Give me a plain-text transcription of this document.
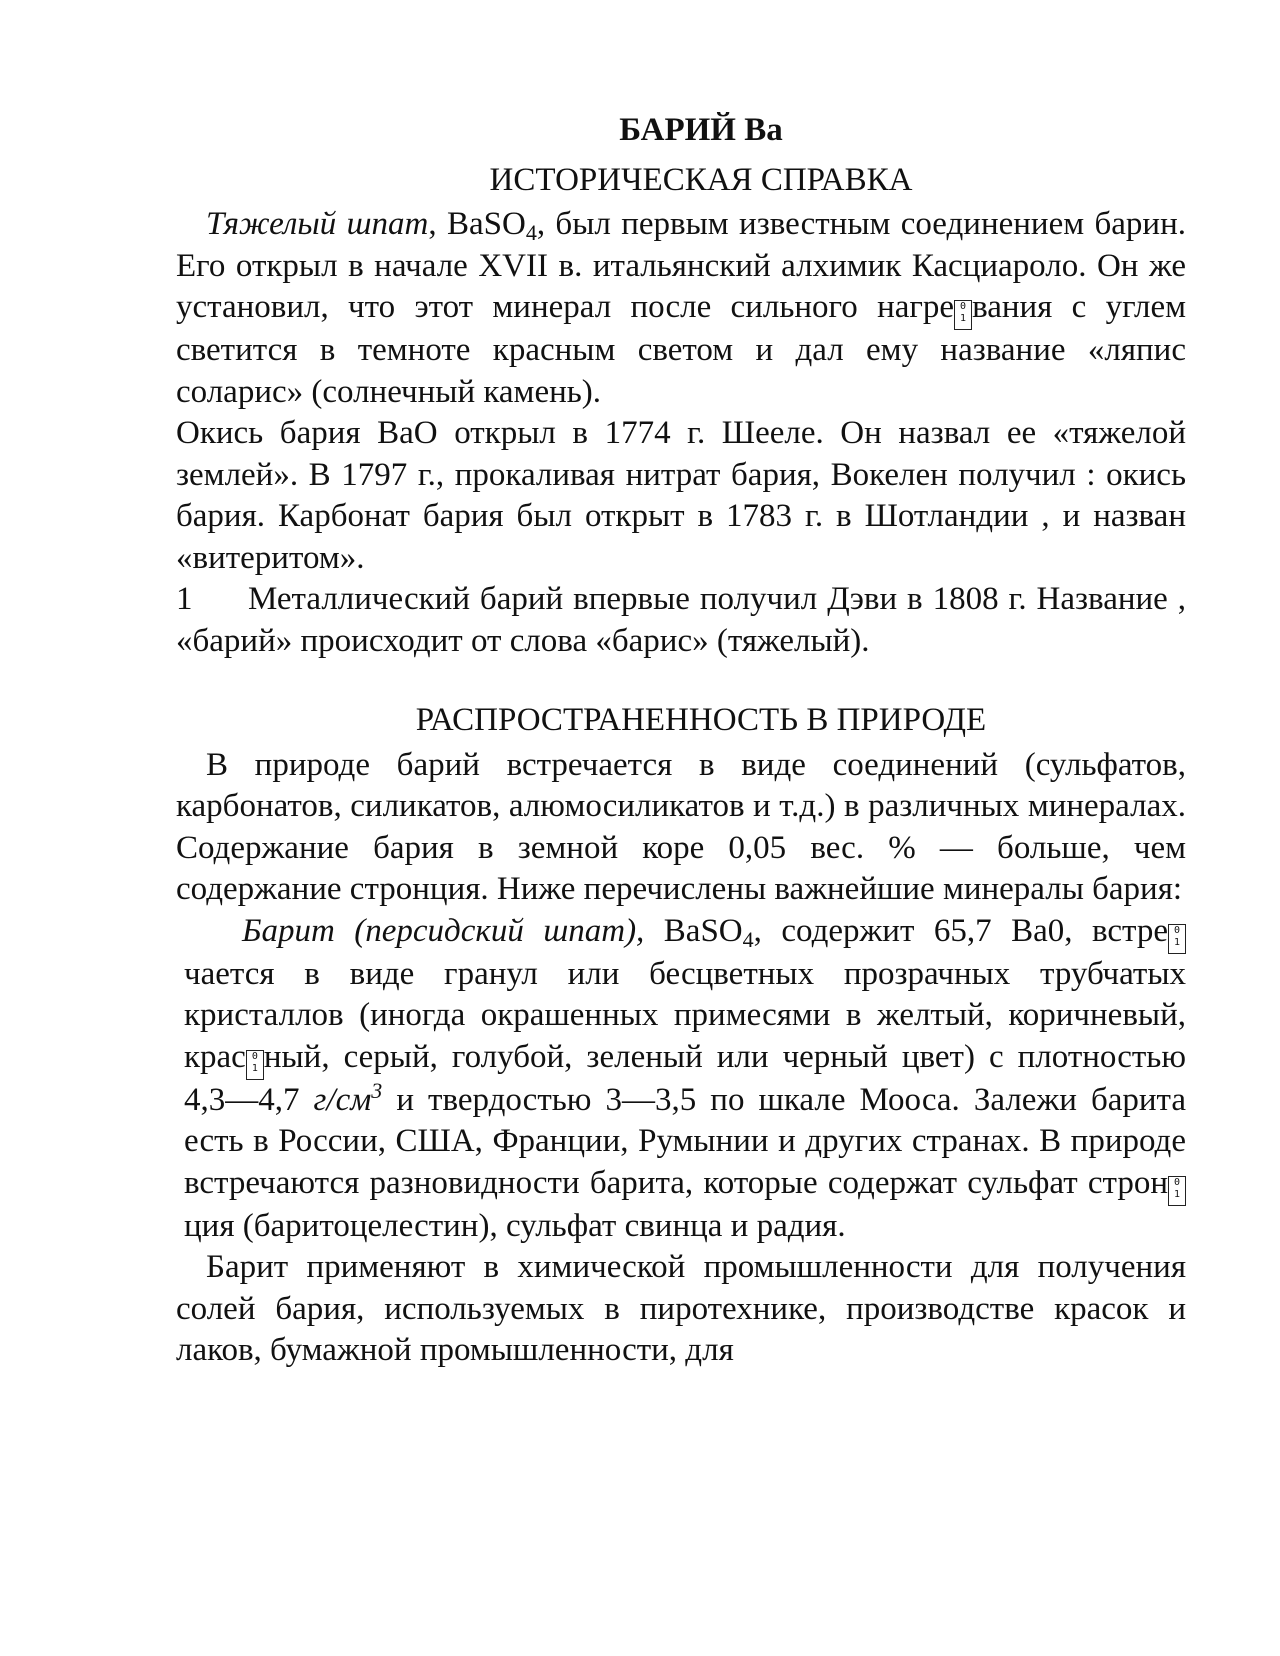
БАРИЙ Ва
ИСТОРИЧЕСКАЯ СПРАВКА

Тяжелый шпат, BaSO$_4$, был первым известным соединением барин. Его открыл в начале XVII в. итальянский алхимик Касциароло. Он же установил, что этот минерал после сильного нагре 0 1 вания с углем светится в темноте красным светом и дал ему название «ляпис соларис» (солнечный камень).

Окись бария ВаО открыл в 1774 г. Шееле. Он назвал ее «тяжелой землей». В 1797 г., прокаливая нитрат бария, Вокелен получил : окись бария. Карбонат бария был открыт в 1783 г. в Шотландии , и назван «витеритом».

1	Металлический барий впервые получил Дэви в 1808 г. Название , «барий» происходит от слова «барис» (тяжелый).

РАСПРОСТРАНЕННОСТЬ В ПРИРОДЕ

В природе барий встречается в виде соединений (сульфатов, карбонатов, силикатов, алюмосиликатов и т.д.) в различных минералах. Содержание бария в земной коре 0,05 вес. % — больше, чем содержание стронция. Ниже перечислены важнейшие минералы бария:

Барит (персидский шпат), BaSO$_4$, содержит 65,7 Ва0, встре 0 1чается в виде гранул или бесцветных прозрачных трубчатых кристаллов (иногда окрашенных примесями в желтый, коричневый, крас 0 1 ный, серый, голубой, зеленый или черный цвет) с плотностью 4,3—4,7 $г/см^3$ и твердостью 3—3,5 по шкале Мооса. Залежи барита есть в России, США, Франции, Румынии и других странах. В природе встречаются разновидности барита, которые содержат сульфат строн 0 1ция (баритоцелестин), сульфат свинца и радия.

Барит применяют в химической промышленности для получения солей бария, используемых в пиротехнике, производстве красок и лаков, бумажной промышленности, для
